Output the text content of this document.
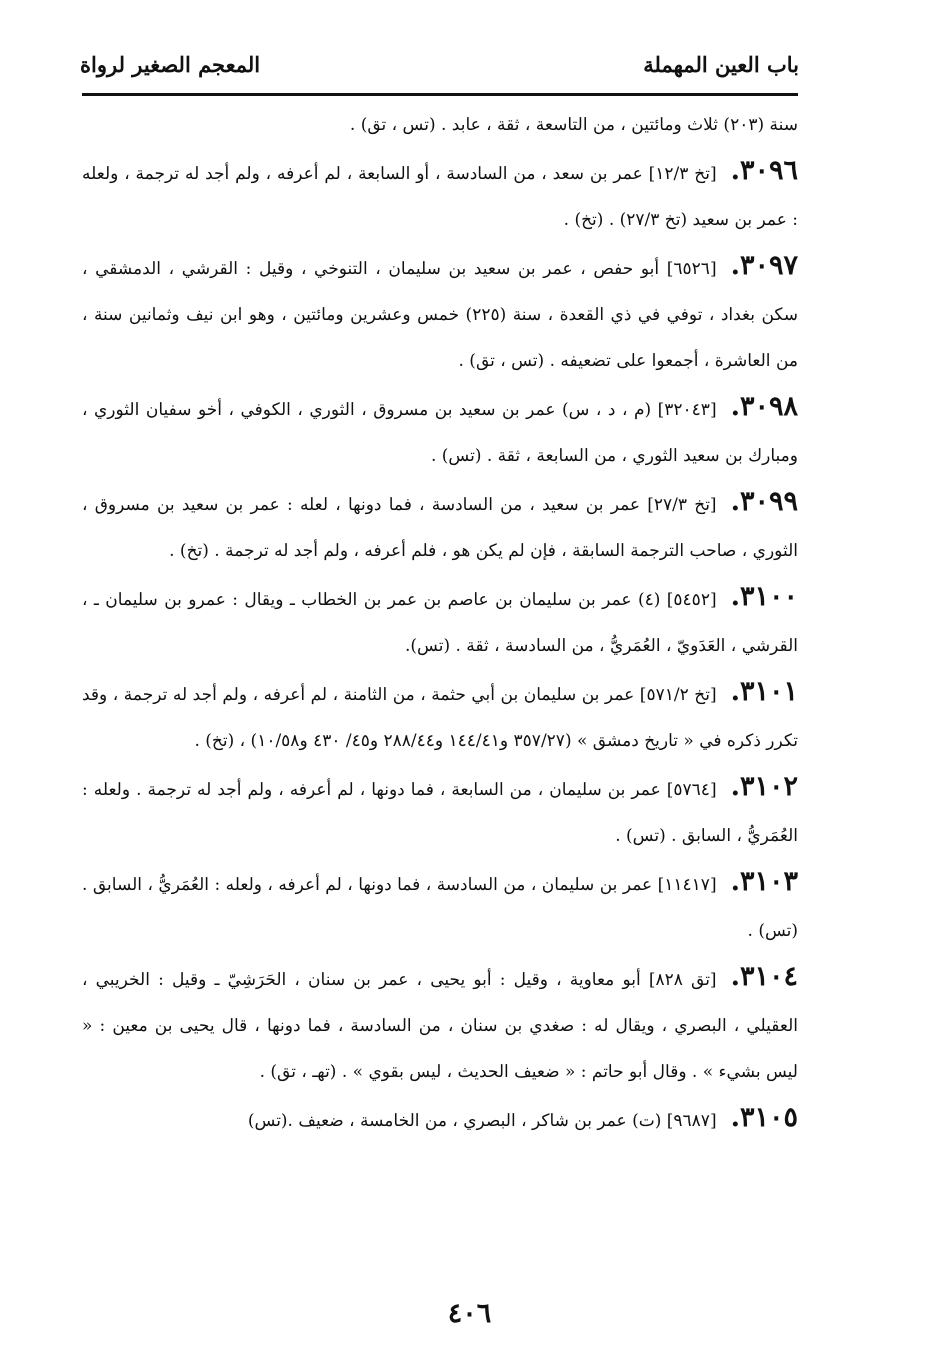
باب العين المهملة
المعجم الصغير لرواة

سنة (٢٠٣) ثلاث ومائتين ، من التاسعة ، ثقة ، عابد . (تس ، تق) .

٣٠٩٦.[تخ ١٢/٣] عمر بن سعد ، من السادسة ، أو السابعة ، لم أعرفه ، ولم أجد له ترجمة ، ولعله : عمر بن سعيد (تخ ٢٧/٣) . (تخ) .

٣٠٩٧.[٦٥٢٦] أبو حفص ، عمر بن سعيد بن سليمان ، التنوخي ، وقيل : القرشي ، الدمشقي ، سكن بغداد ، توفي في ذي القعدة ، سنة (٢٢٥) خمس وعشرين ومائتين ، وهو ابن نيف وثمانين سنة ، من العاشرة ، أجمعوا على تضعيفه . (تس ، تق) .

٣٠٩٨.[٣٢٠٤٣] (م ، د ، س) عمر بن سعيد بن مسروق ، الثوري ، الكوفي ، أخو سفيان الثوري ، ومبارك بن سعيد الثوري ، من السابعة ، ثقة . (تس) .

٣٠٩٩.[تخ ٢٧/٣] عمر بن سعيد ، من السادسة ، فما دونها ، لعله : عمر بن سعيد بن مسروق ، الثوري ، صاحب الترجمة السابقة ، فإن لم يكن هو ، فلم أعرفه ، ولم أجد له ترجمة . (تخ) .

٣١٠٠.[٥٤٥٢] (٤) عمر بن سليمان بن عاصم بن عمر بن الخطاب ـ ويقال : عمرو بن سليمان ـ ، القرشي ، العَدَويّ ، العُمَريُّ ، من السادسة ، ثقة . (تس).

٣١٠١.[تخ ٥٧١/٢] عمر بن سليمان بن أبي حثمة ، من الثامنة ، لم أعرفه ، ولم أجد له ترجمة ، وقد تكرر ذكره في « تاريخ دمشق » (٣٥٧/٢٧ و١٤٤/٤١ و٢٨٨/٤٤ و٤٥/ ٤٣٠ و١٠/٥٨) ، (تخ) .

٣١٠٢.[٥٧٦٤] عمر بن سليمان ، من السابعة ، فما دونها ، لم أعرفه ، ولم أجد له ترجمة . ولعله : العُمَريُّ ، السابق . (تس) .

٣١٠٣.[١١٤١٧] عمر بن سليمان ، من السادسة ، فما دونها ، لم أعرفه ، ولعله : العُمَريُّ ، السابق . (تس) .

٣١٠٤.[تق ٨٢٨] أبو معاوية ، وقيل : أبو يحيى ، عمر بن سنان ، الحَرَشِيّ ـ وقيل : الخريبي ، العقيلي ، البصري ، ويقال له : صغدي بن سنان ، من السادسة ، فما دونها ، قال يحيى بن معين : « ليس بشيء » . وقال أبو حاتم : « ضعيف الحديث ، ليس بقوي » . (تهـ ، تق) .

٣١٠٥.[٩٦٨٧] (ت) عمر بن شاكر ، البصري ، من الخامسة ، ضعيف .(تس)

٤٠٦
